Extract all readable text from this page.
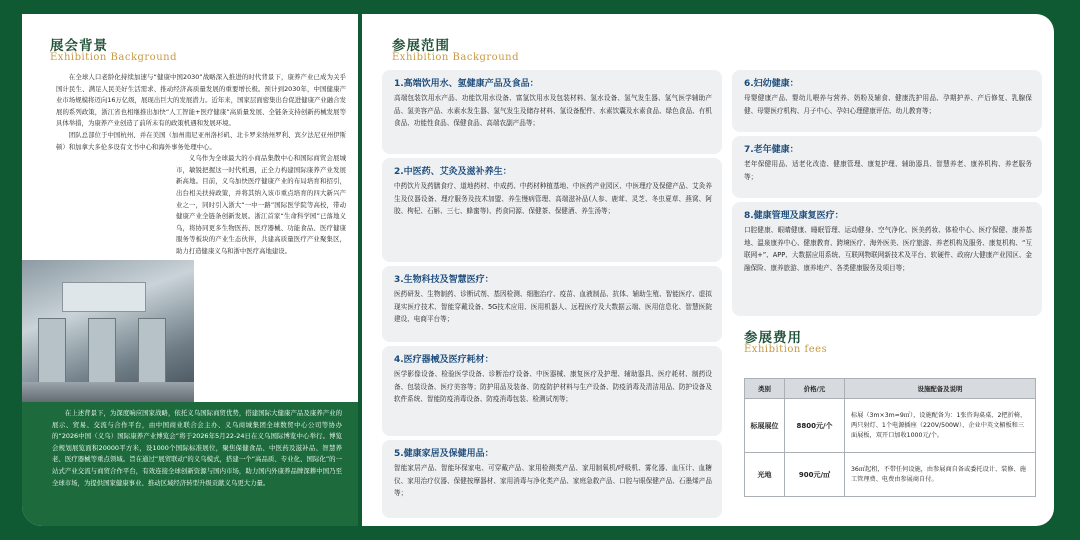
展会背景
Exhibition Background

在全球人口老龄化持续加速与“健康中国2030”战略深入推进的时代背景下，康养产业已成为关乎国计民生、满足人民美好生活需求、推动经济高质量发展的重要增长极。预计到2030年，中国健康产业市场规模将迈向16万亿级，展现出巨大的发展潜力。近年来，国家层面密集出台促进健康产业融合发展的系列政策，浙江省也相继推出加快“人工智能+医疗健康”高质量发展、全链条支持创新药械发展等具体举措，为康养产业创造了前所未有的政策机遇和发展环境。

团队总部位于中国杭州、并在美国（加州南尼亚州洛杉矶、北卡罗来纳州罗利、宾夕法尼亚州伊斯顿）和加拿大多伦多设有文书中心和海外事务处理中心。

义乌作为全球最大的小商品集散中心和国际商贸会展城市，敏锐把握这一时代机遇，正全力构建国际康养产业发展新高地。目前，义乌加快医疗健康产业的布局培育和招引，出台相关扶持政策，并将其纳入该市重点培育的四大新兴产业之一，同时引入浙大“一中一路”国际医学院等高校，带动健康产业全链条创新发展。浙江首家“生命科学园”已落地义乌，将协同更多生物医药、医疗器械、功能食品、医疗健康服务等板块的产业生态伙伴，共建高质量医疗产业聚集区，助力打造健康义乌和浙中医疗高地建设。

在上述背景下，为深度响应国家战略，依托义乌国际商贸优势，搭建国际大健康产品及康养产业的展示、贸易、交流与合作平台，由中国商业联合会主办、义乌商城集团全球数贸中心公司等协办的“2026中国（义乌）国际康养产业博览会”将于2026年5月22-24日在义乌国际博览中心举行。博览会规划展览面积20000平方米，设1000个国际标准展位，聚焦保健食品、中医药及滋补品、智慧养老、医疗器械等重点领域。旨在通过“展贸联动”的义乌模式，搭建一个“高品质、专业化、国际化”的一站式产业交流与商贸合作平台，有效连接全球创新资源与国内市场，助力国内外康养品牌深耕中国乃至全球市场，为提供国家健康事业、推动区域经济转型升级贡献义乌更大力量。

参展范围
Exhibition Background
1.高端饮用水、氢健康产品及食品：

高端包装饮用水产品、功能饮用水设备、富氢饮用水及包装材料、氢水设备、氢气发生器、氢气医学辅助产品、氢美容产品、水素水发生器、氢气发生及储存材料、氢设备配件、水素饮囊及水素食品、绿色食品、有机食品、功能性食品、保健食品、高端农副产品等；

2.中医药、艾灸及滋补养生：

中药饮片及药膳食疗、道地药材、中成药、中药材种植基地、中医药产业园区、中医理疗及保健产品、艾灸养生及仪器设备、理疗服务及技术加盟、养生慢病管理、高端滋补品(人参、鹿茸、灵芝、冬虫夏草、燕窝、阿胶、枸杞、石斛、三七、蜂蜜等)、药食同源、保健茶、保健酒、养生汤等；

3.生物科技及智慧医疗：

医药研发、生物制药、诊断试剂、基因检测、细胞治疗、疫苗、血液制品、抗体、辅助生殖、智能医疗、虚拟现实医疗技术、智能穿戴设备、5G技术应用、医用机器人、远程医疗及大数据云端、医用信息化、智慧医院建设、电商平台等；

4.医疗器械及医疗耗材：

医学影像设备、检验医学设备、诊断治疗设备、中医器械、康复医疗及护理、辅助器具、医疗耗材、制药设备、包装设备、医疗美容等；防护用品及装备、防疫防护材料与生产设备、防疫消毒及清洁用品、防护设备及软件系统、智能防疫消毒设备、防疫消毒包装、检测试剂等；

5.健康家居及保健用品：

智能家居产品、智能环保家电、可穿戴产品、家用检测类产品、家用制氧机/呼吸机、雾化器、血压计、血糖仪、家用治疗仪器、保健按摩器材、家用消毒与净化类产品、家庭急救产品、口腔与眼保健产品、石墨烯产品等；

6.妇幼健康：

母婴健康产品、婴幼儿喂养与营养、奶粉及辅食、健康洗护用品、孕期护养、产后修复、乳腺保健、母婴医疗机构、月子中心、孕妇心理健康评估、幼儿教育等；

7.老年健康：

老年保健用品、适老化改造、健康管理、康复护理、辅助器具、智慧养老、康养机构、养老服务等；

8.健康管理及康复医疗：

口腔健康、眼睛健康、睡眠管理、运动健身、空气净化、医美药妆、体检中心、医疗保健、康养基地、温泉康养中心、健康教育、跨境医疗、海外医美、医疗旅游、养老机构及服务、康复机构、“互联网+”、APP、大数据应用系统、互联网物联网新技术及平台、软硬件、政府/大健康产业园区、金融保险、康养旅游、康养地产、各类健康服务及项目等；

参展费用
Exhibition fees
类别	价格/元	设施配备及说明
标展展位	8800元/个	标展（3m×3m=9㎡），设施配备为：1张咨询桌桌、2把折椅、两只射灯、1个电源插座（220V/500W）、企业中英文楣板和三面展板，双开口加收1000元/个。
光地	900元/㎡	36㎡起租，不带任何设施，由参展商自备或委托设计、装修、施工管理费、电费由参展商自付。
